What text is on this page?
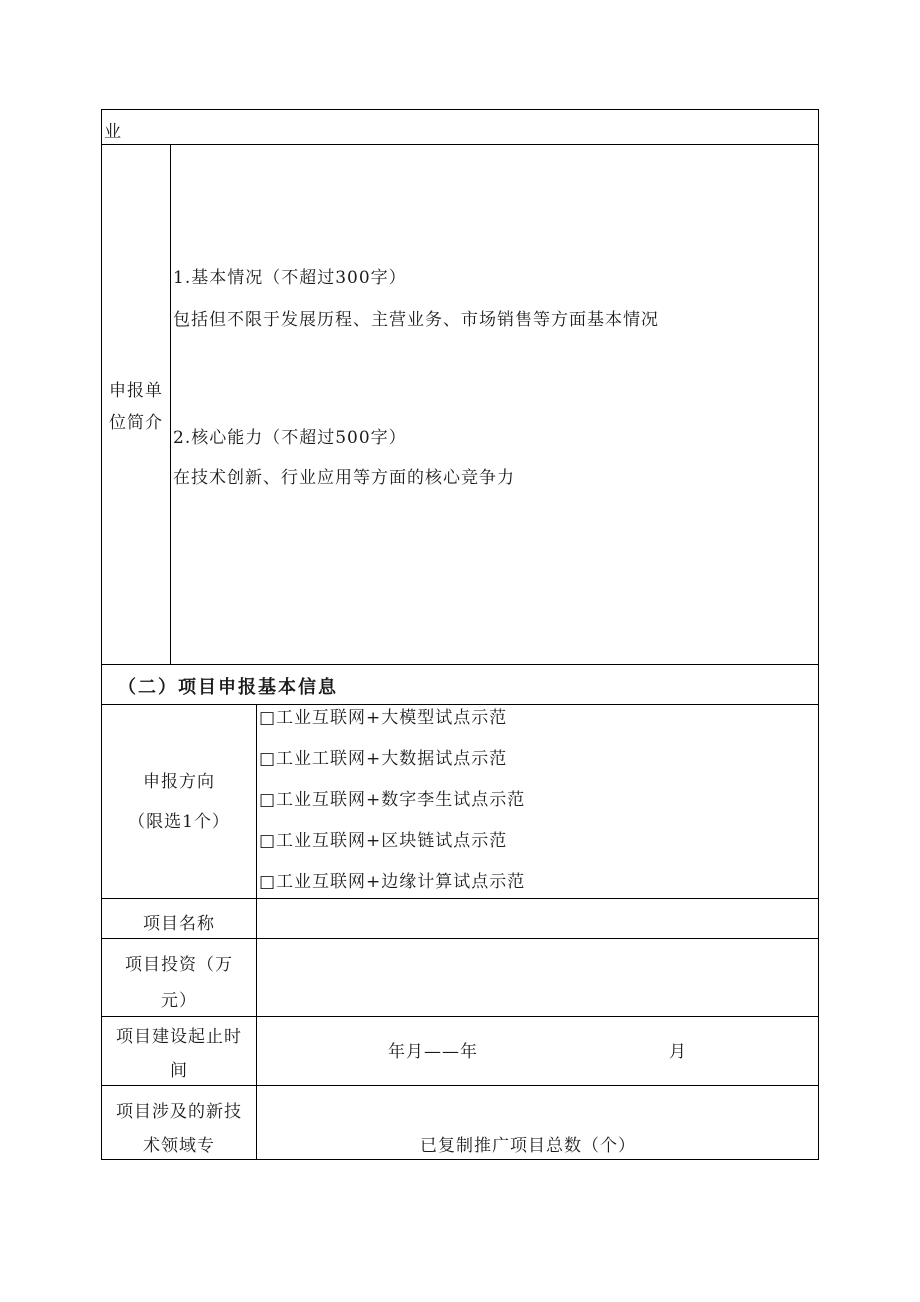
业
申报单
位简介
1.基本情况（不超过300字）
包括但不限于发展历程、主营业务、市场销售等方面基本情况
2.核心能力（不超过500字）
在技术创新、行业应用等方面的核心竞争力
（二）项目申报基本信息
申报方向
（限选1个）
□工业互联网+大模型试点示范
□工业工联网+大数据试点示范
□工业互联网+数字李生试点示范
□工业互联网+区块链试点示范
□工业互联网+边缘计算试点示范
项目名称
项目投资（万
元）
项目建设起止时
间
年月——年	月
项目涉及的新技
术领域专	已复制推广项目总数（个）
